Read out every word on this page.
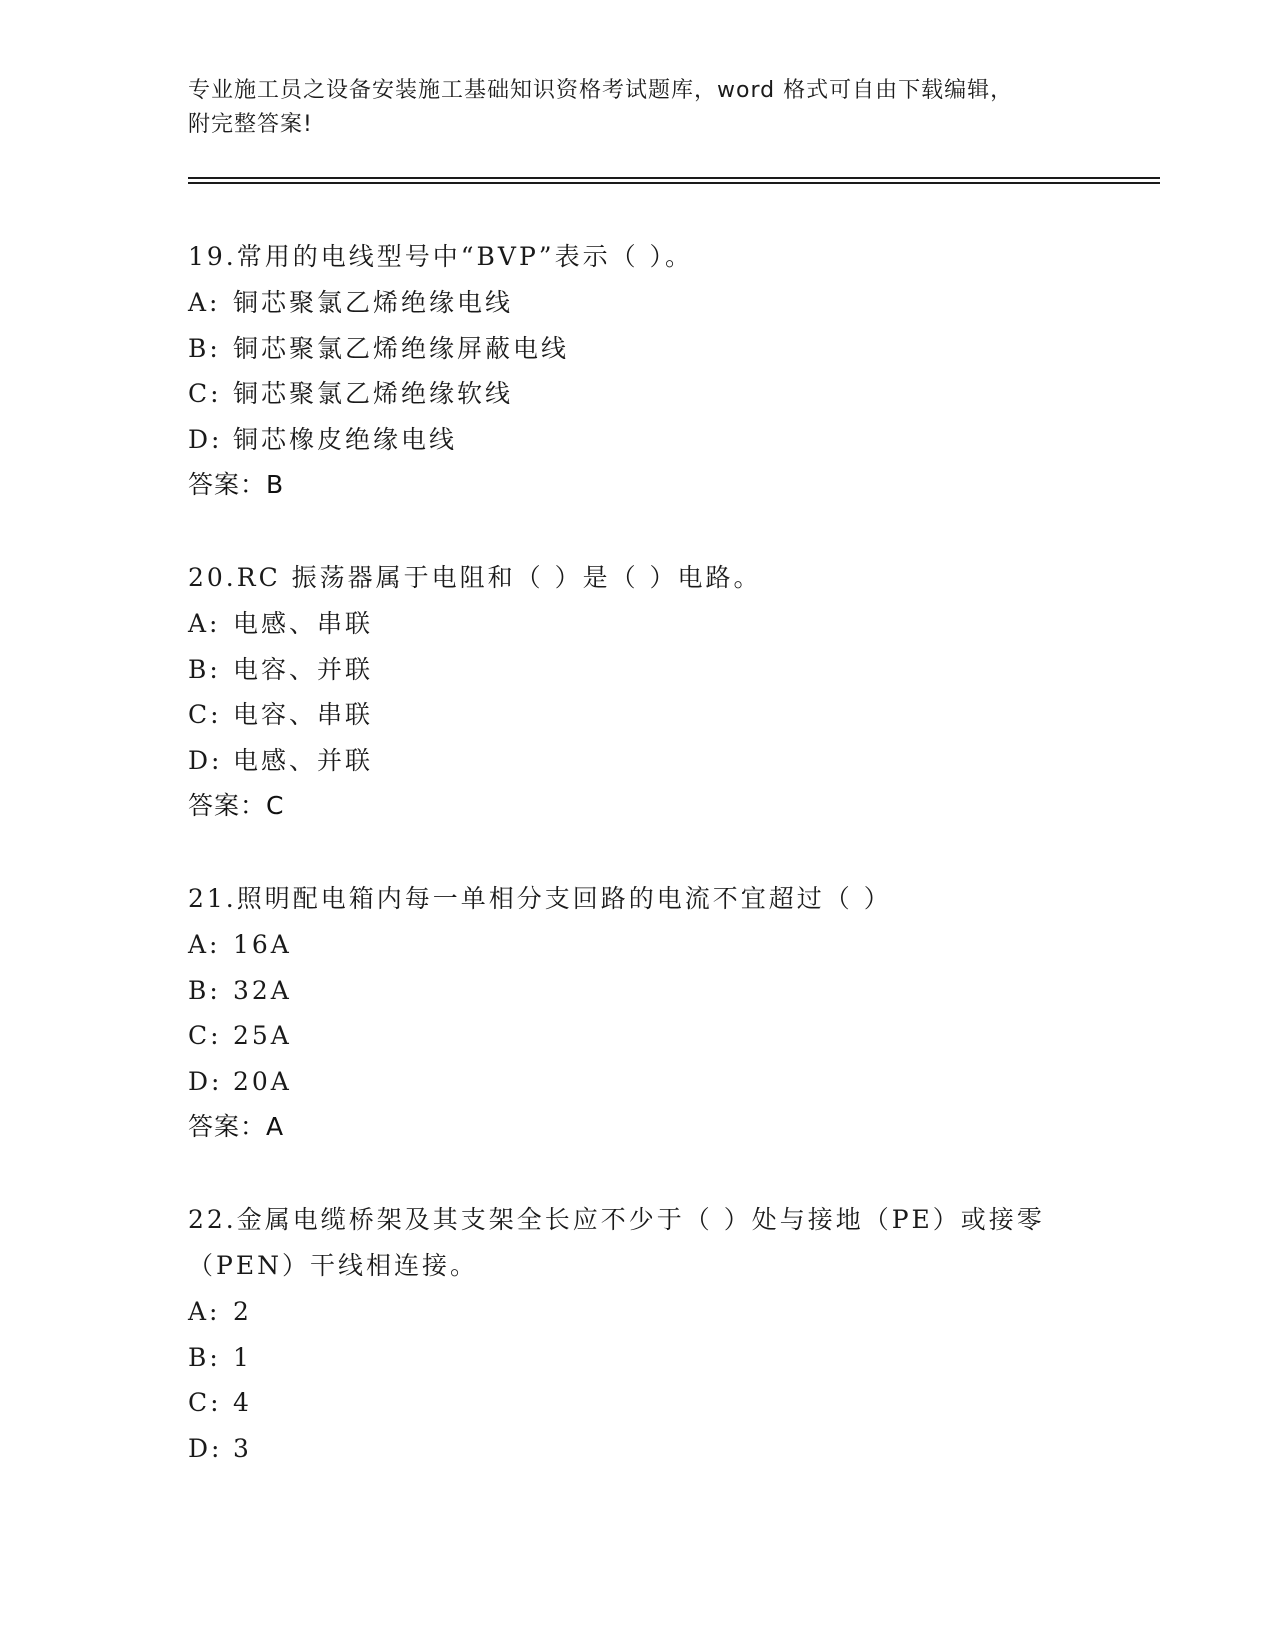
专业施工员之设备安装施工基础知识资格考试题库，word 格式可自由下载编辑，
附完整答案!
19.常用的电线型号中“BVP”表示（ ）。
A: 铜芯聚氯乙烯绝缘电线
B: 铜芯聚氯乙烯绝缘屏蔽电线
C: 铜芯聚氯乙烯绝缘软线
D: 铜芯橡皮绝缘电线
答案：B
20.RC 振荡器属于电阻和（ ）是（ ）电路。
A: 电感、串联
B: 电容、并联
C: 电容、串联
D: 电感、并联
答案：C
21.照明配电箱内每一单相分支回路的电流不宜超过（ ）
A: 16A
B: 32A
C: 25A
D: 20A
答案：A
22.金属电缆桥架及其支架全长应不少于（ ）处与接地（PE）或接零（PEN）干线相连接。
A: 2
B: 1
C: 4
D: 3
